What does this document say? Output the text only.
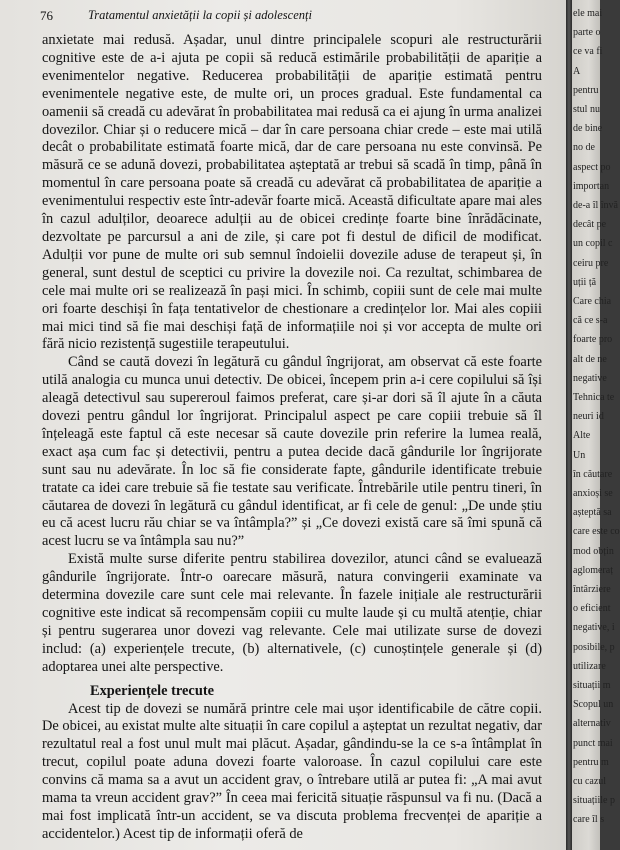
76	Tratamentul anxietății la copii și adolescenți

anxietate mai redusă. Așadar, unul dintre principalele scopuri ale restructurării cognitive este de a-i ajuta pe copii să reducă estimările probabilității de apariție a evenimentelor negative. Reducerea probabilității de apariție estimată pentru evenimentele negative este, de multe ori, un proces gradual. Este fundamental ca oamenii să creadă cu adevărat în probabilitatea mai redusă ca ei ajung în urma analizei dovezilor. Chiar și o reducere mică – dar în care persoana chiar crede – este mai utilă decât o probabilitate estimată foarte mică, dar de care persoana nu este convinsă. Pe măsură ce se adună dovezi, probabilitatea așteptată ar trebui să scadă în timp, până în momentul în care persoana poate să creadă cu adevărat că probabilitatea de apariție a evenimentului respectiv este într-adevăr foarte mică. Această dificultate apare mai ales în cazul adulților, deoarece adulții au de obicei credințe foarte bine înrădăcinate, dezvoltate pe parcursul a ani de zile, și care pot fi destul de dificil de modificat. Adulții vor pune de multe ori sub semnul îndoielii dovezile aduse de terapeut și, în general, sunt destul de sceptici cu privire la dovezile noi. Ca rezultat, schimbarea de cele mai multe ori se realizează în pași mici. În schimb, copiii sunt de cele mai multe ori foarte deschiși în fața tentativelor de chestionare a credințelor lor. Mai ales copiii mai mici tind să fie mai deschiși față de informațiile noi și vor accepta de multe ori fără nicio rezistență sugestiile terapeutului.

Când se caută dovezi în legătură cu gândul îngrijorat, am observat că este foarte utilă analogia cu munca unui detectiv. De obicei, începem prin a-i cere copilului să își aleagă detectivul sau supereroul faimos preferat, care și-ar dori să îl ajute în a căuta dovezi pentru gândul lor îngrijorat. Principalul aspect pe care copiii trebuie să îl înțeleagă este faptul că este necesar să caute dovezile prin referire la lumea reală, exact așa cum fac și detectivii, pentru a putea decide dacă gândurile lor îngrijorate sunt sau nu adevărate. În loc să fie considerate fapte, gândurile identificate trebuie tratate ca idei care trebuie să fie testate sau verificate. Întrebările utile pentru tineri, în căutarea de dovezi în legătură cu gândul identificat, ar fi cele de genul: „De unde știu eu că acest lucru rău chiar se va întâmpla?” și „Ce dovezi există care să îmi spună că acest lucru se va întâmpla sau nu?”

Există multe surse diferite pentru stabilirea dovezilor, atunci când se evaluează gândurile îngrijorate. Într-o oarecare măsură, natura convingerii examinate va determina dovezile care sunt cele mai relevante. În fazele inițiale ale restructurării cognitive este indicat să recompensăm copiii cu multe laude și cu multă atenție, chiar și pentru sugerarea unor dovezi vag relevante. Cele mai utilizate surse de dovezi includ: (a) experiențele trecute, (b) alternativele, (c) cunoștințele generale și (d) adoptarea unei alte perspective.

Experiențele trecute

Acest tip de dovezi se numără printre cele mai ușor identificabile de către copii. De obicei, au existat multe alte situații în care copilul a așteptat un rezultat negativ, dar rezultatul real a fost unul mult mai plăcut. Așadar, gândindu-se la ce s-a întâmplat în trecut, copilul poate aduna dovezi foarte valoroase. În cazul copilului care este convins că mama sa a avut un accident grav, o întrebare utilă ar putea fi: „A mai avut mama ta vreun accident grav?” În ceea mai fericită situație răspunsul va fi nu. (Dacă a mai fost implicată într-un accident, se va discuta problema frecvenței de apariție a accidentelor.) Acest tip de informații oferă de

ele mai
parte o
ce va fi
A
pentru
stul nu
de bine
no de
aspect po
importan
de-a îl învă
decât pe
un copil c
ceiru pre
uții ță
Care chia
că ce s-a
foarte pro
alt de ne
negative
Tehnica te
neuri id
Alte
Un
în căutare
anxioși se
așteptă sa
care este co
mod obțin
aglomeraț
întârziere
o eficient
negative, i
posibile, p
utilizare
situații m
Scopul un
alternativ
punct mai
pentru m
cu cazul
situațiile p
care îl s
